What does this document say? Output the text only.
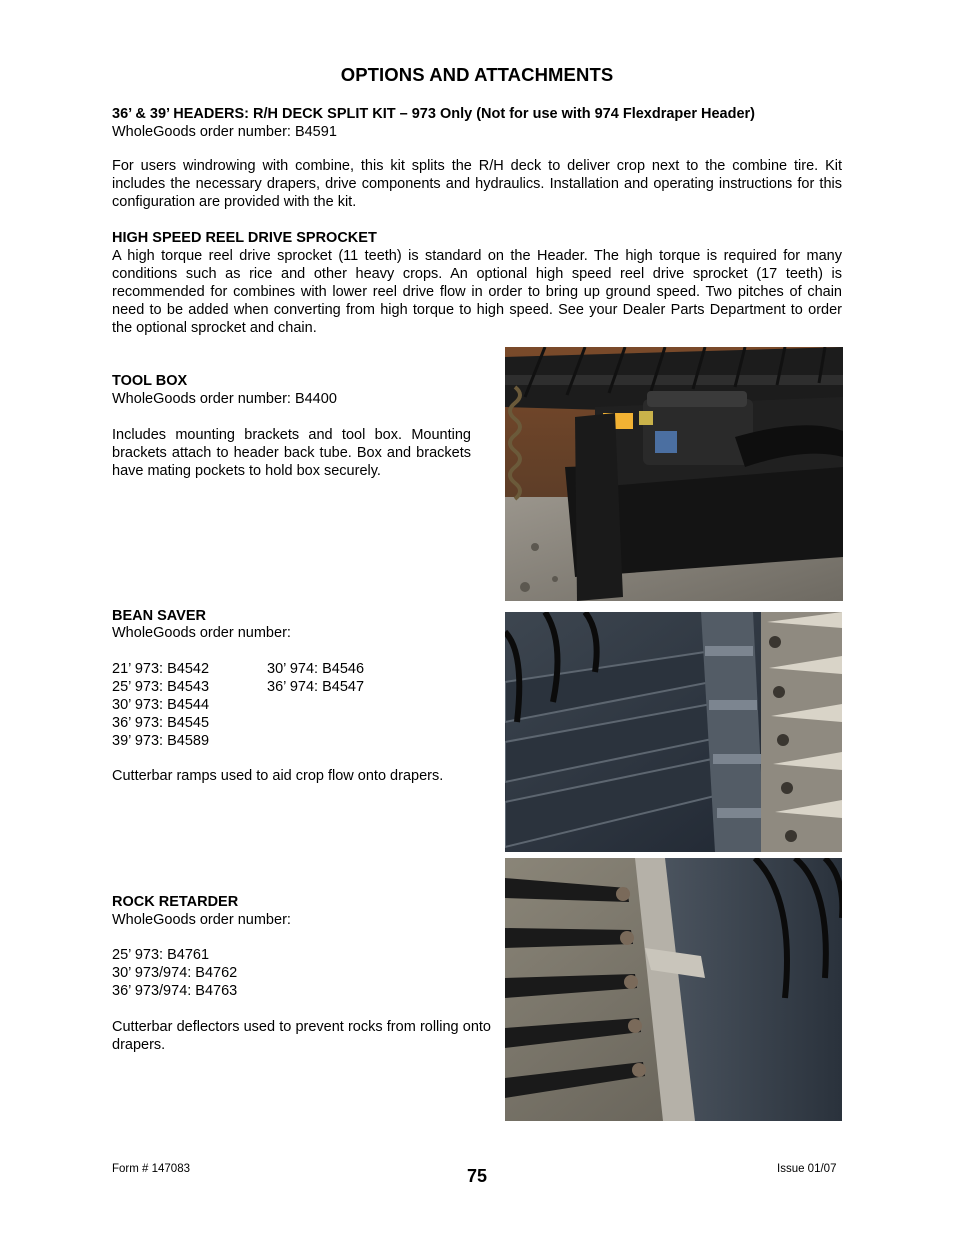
OPTIONS AND ATTACHMENTS
36’ & 39’ HEADERS: R/H DECK SPLIT KIT – 973 Only (Not for use with 974 Flexdraper Header)
WholeGoods order number: B4591
For users windrowing with combine, this kit splits the R/H deck to deliver crop next to the combine tire. Kit includes the necessary drapers, drive components and hydraulics. Installation and operating instructions for this configuration are provided with the kit.
HIGH SPEED REEL DRIVE SPROCKET
A high torque reel drive sprocket (11 teeth) is standard on the Header. The high torque is required for many conditions such as rice and other heavy crops. An optional high speed reel drive sprocket (17 teeth) is recommended for combines with lower reel drive flow in order to bring up ground speed. Two pitches of chain need to be added when converting from high torque to high speed. See your Dealer Parts Department to order the optional sprocket and chain.
TOOL BOX
WholeGoods order number: B4400
Includes mounting brackets and tool box. Mounting brackets attach to header back tube. Box and brackets have mating pockets to hold box securely.
BEAN SAVER
WholeGoods order number:
21’ 973: B4542
25’ 973: B4543
30’ 973: B4544
36’ 973: B4545
39’ 973: B4589
30’ 974: B4546
36’ 974: B4547
Cutterbar ramps used to aid crop flow onto drapers.
ROCK RETARDER
WholeGoods order number:
25’ 973: B4761
30’ 973/974: B4762
36’ 973/974: B4763
Cutterbar deflectors used to prevent rocks from rolling onto drapers.
Form # 147083	75	Issue 01/07
